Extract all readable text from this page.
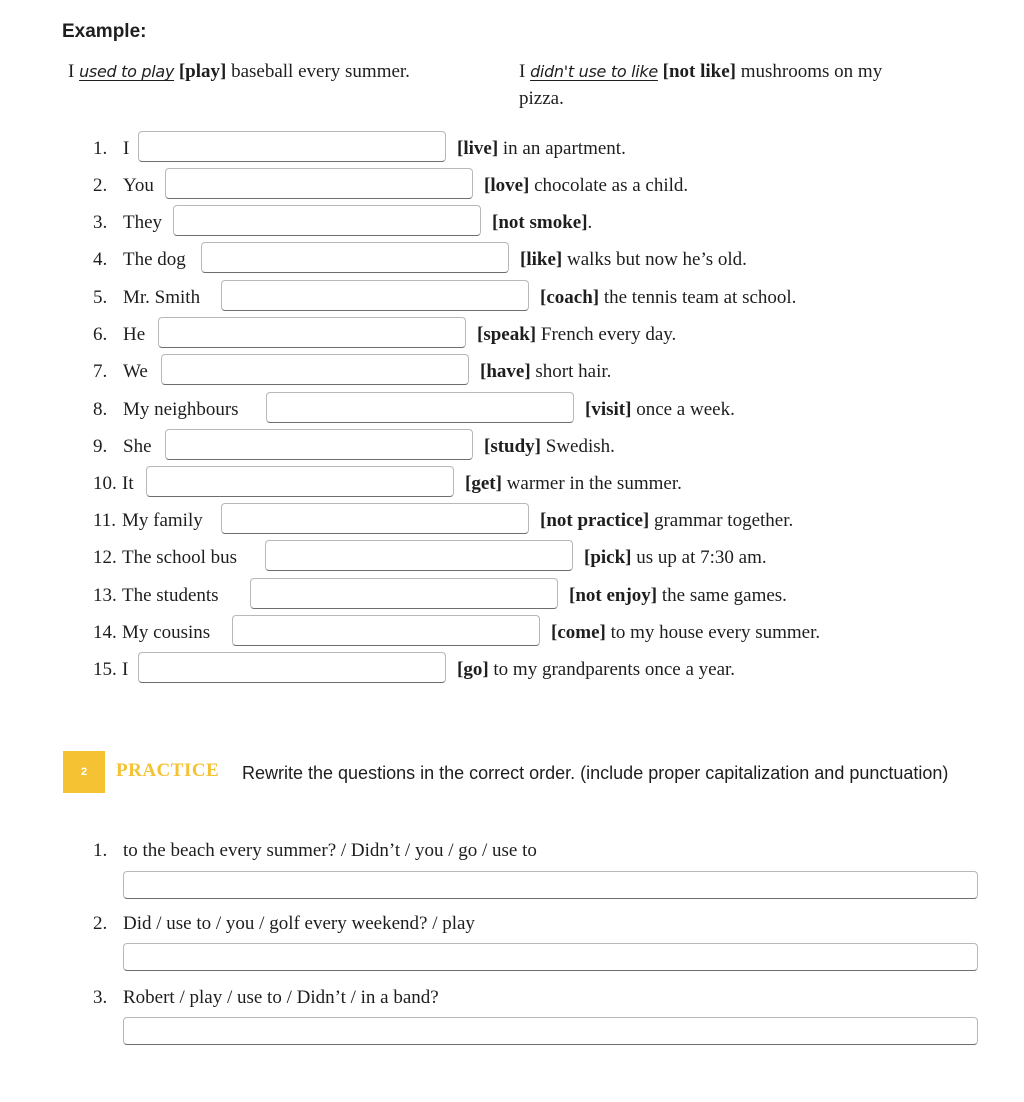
Example:
I used to play [play] baseball every summer.	I didn't use to like [not like] mushrooms on my
pizza.
1. I	[live] in an apartment.
2. You	[love] chocolate as a child.
3. They	[not smoke].
4. The dog	[like] walks but now he’s old.
5. Mr. Smith	[coach] the tennis team at school.
6. He	[speak] French every day.
7. We	[have] short hair.
8. My neighbours	[visit] once a week.
9. She	[study] Swedish.
10. It	[get] warmer in the summer.
11. My family	[not practice] grammar together.
12. The school bus	[pick] us up at 7:30 am.
13. The students	[not enjoy] the same games.
14. My cousins	[come] to my house every summer.
15. I	[go] to my grandparents once a year.
2	PRACTICE Rewrite the questions in the correct order. (include proper capitalization and punctuation)
1. to the beach every summer? / Didn’t / you / go / use to
2. Did / use to / you / golf every weekend? / play
3. Robert / play / use to / Didn’t / in a band?
